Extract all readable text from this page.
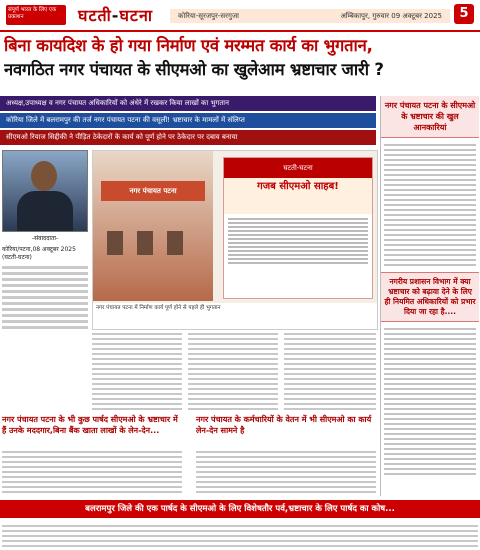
संपूर्ण भारत के लिए एक प्रकाशन	घटती-घटना	कोरिया-सूरजपुर-सरगुजा	अम्बिकापुर, गुरुवार 09 अक्टूबर 2025	5
बिना कायदिश के हो गया निर्माण एवं मरम्मत कार्य का भुगतान,
नवगठित नगर पंचायत के सीएमओ का खुलेआम भ्रष्टाचार जारी ?
अध्यक्ष,उपाध्यक्ष व नगर पंचायत अधिकारियों को अंधेरे में रखकर किया लाखों का भुगतान
कोरिया जिले में बलरामपुर की तर्ज नगर पंचायत पटना की वसूली! भ्रष्टाचार के मामलों में संलिप्त
सीएमओ रियाज सिद्दीकी ने पीड़ित ठेकेदारों के कार्य को पूर्ण होने पर ठेकेदार पर दबाव बनाया
-संवाददाता-
कोरिया/पटना,08 अक्टूबर 2025 (घटती-घटना)
नगर पंचायत पटना
घटती-घटना
गजब सीएमओ साहब!
नगर पंचायत पटना में निर्माण कार्य पूर्ण होने से पहले ही भुगतान
नगर पंचायत पटना के सीएमओ के भ्रष्टाचार की खुल आनकारियां
नगरीय प्रशासन विभाग में क्या भ्रष्टाचार को बढ़ावा देने के लिए ही नियमित अधिकारियों को प्रभार दिया जा रहा है....
नगर पंचायत पटना के भी कुछ पार्षद सीएमओ के भ्रष्टाचार में हैं उनके मददगार,बिना बैंक खाता लाखों के लेन-देन...
नगर पंचायत के कर्मचारियों के वेतन में भी सीएमओ का कार्य लेन-देन सामने है
बलरामपुर जिले की एक पार्षद के सीएमओ के लिए विशेषतौर पर्व,भ्रष्टाचार के लिए पार्षद का कोष...
